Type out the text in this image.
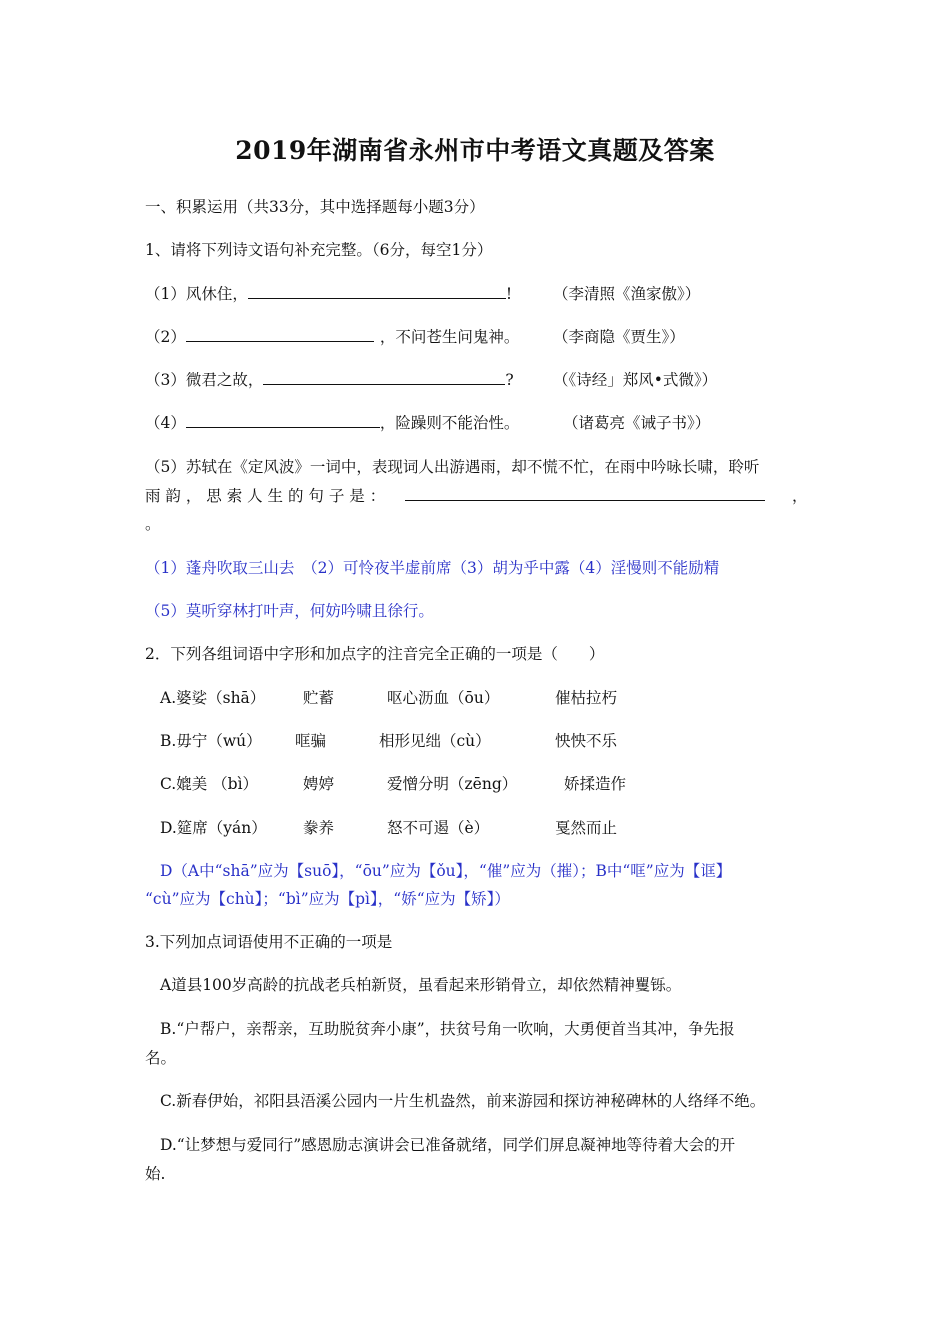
2019年湖南省永州市中考语文真题及答案
一、积累运用（共33分，其中选择题每小题3分）
1、请将下列诗文语句补充完整。（6分，每空1分）
（1）风休住，	!	（李清照《渔家傲》）
（2）	，不问苍生问鬼神。 （李商隐《贾生》）
（3）微君之故，	?	（《诗经」郑风•式微》）
（4）	，险躁则不能治性。	（诸葛亮《诫子书》）
（5）苏轼在《定风波》一词中，表现词人出游遇雨，却不慌不忙，在雨中吟咏长啸，聆听
雨 韵 ， 思 索 人 生 的 句 子 是 ：	，
。
（1）蓬舟吹取三山去　（2）可怜夜半虚前席（3）胡为乎中露（4）淫慢则不能励精
（5）莫听穿林打叶声，何妨吟啸且徐行。
2．下列各组词语中字形和加点字的注音完全正确的一项是（　　）
A.婆娑（shā） 贮蓄	呕心沥血（ōu）	催枯拉朽
B.毋宁（wú） 哐骗	相形见绌（cù）	怏怏不乐
C.媲美 （bì）	娉婷	爱憎分明（zēng）	娇揉造作
D.筵席（yán） 豢养	怒不可遏（è）	戛然而止
D（A中“shā”应为【suō】，“ōu”应为【ǒu】，“催”应为（摧）；B中“哐”应为【诓】
“cù”应为【chù】；“bì”应为【pì】，“娇“应为【矫】）
3.下列加点词语使用不正确的一项是
A道县100岁高龄的抗战老兵柏新贤，虽看起来形销骨立，却依然精神矍铄。
B.“户帮户，亲帮亲，互助脱贫奔小康”，扶贫号角一吹响，大勇便首当其冲，争先报
名。
C.新春伊始，祁阳县浯溪公园内一片生机盎然，前来游园和探访神秘碑林的人络绎不绝。
D.“让梦想与爱同行”感恩励志演讲会已准备就绪，同学们屏息凝神地等待着大会的开
始.
